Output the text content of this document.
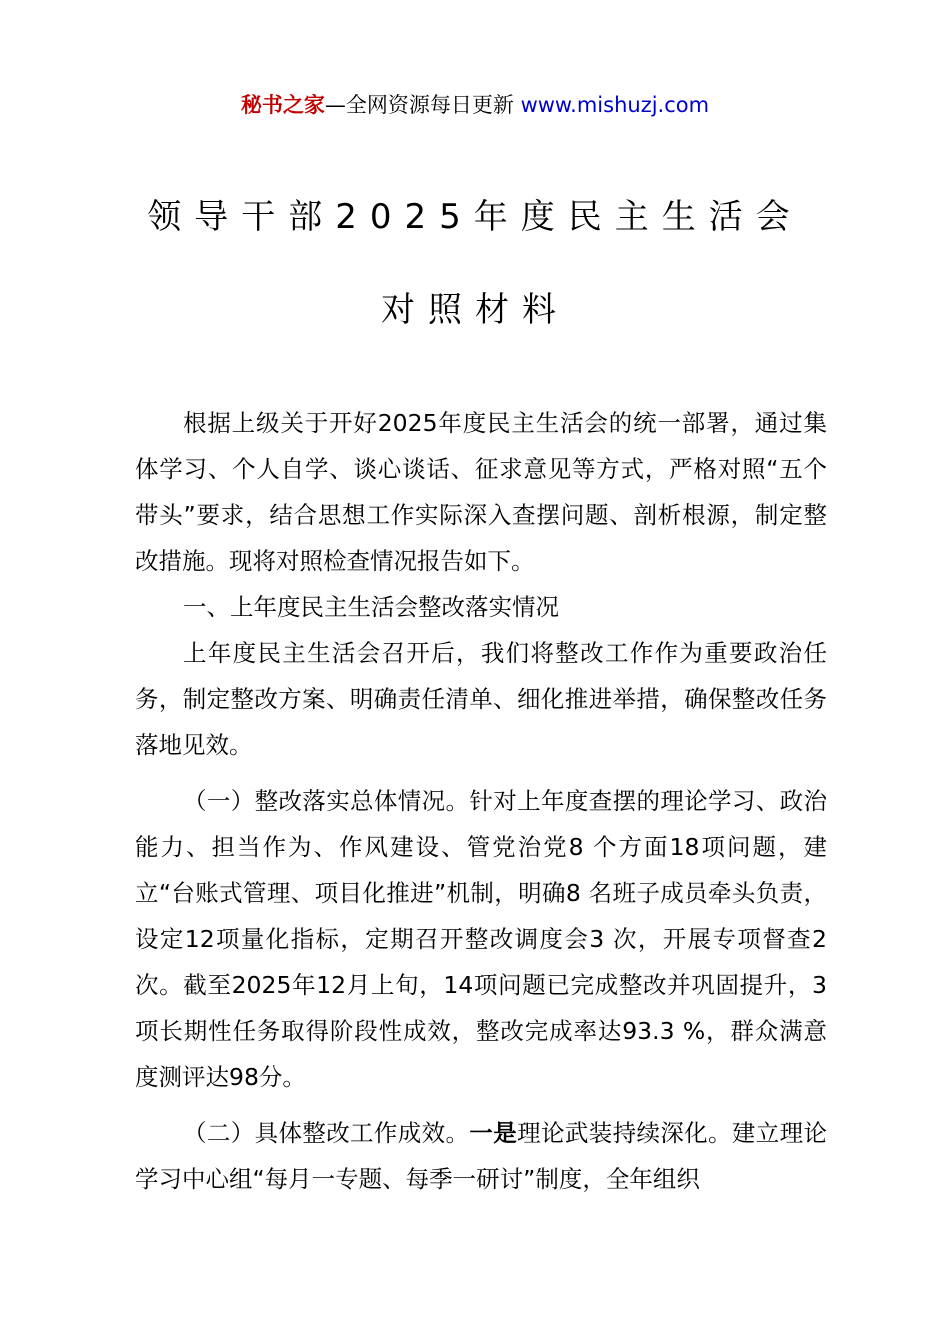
秘书之家—全网资源每日更新 www.mishuzj.com
领导干部2025年度民主生活会
对照材料

根据上级关于开好2025年度民主生活会的统一部署，通过集体学习、个人自学、谈心谈话、征求意见等方式，严格对照“五个带头”要求，结合思想工作实际深入查摆问题、剖析根源，制定整改措施。现将对照检查情况报告如下。

一、上年度民主生活会整改落实情况

上年度民主生活会召开后，我们将整改工作作为重要政治任务，制定整改方案、明确责任清单、细化推进举措，确保整改任务落地见效。

（一）整改落实总体情况。针对上年度查摆的理论学习、政治能力、担当作为、作风建设、管党治党8 个方面18项问题，建立“台账式管理、项目化推进”机制，明确8 名班子成员牵头负责，设定12项量化指标，定期召开整改调度会3 次，开展专项督查2 次。截至2025年12月上旬，14项问题已完成整改并巩固提升，3 项长期性任务取得阶段性成效，整改完成率达93.3 %，群众满意度测评达98分。

（二）具体整改工作成效。一是理论武装持续深化。建立理论学习中心组“每月一专题、每季一研讨”制度，全年组织
